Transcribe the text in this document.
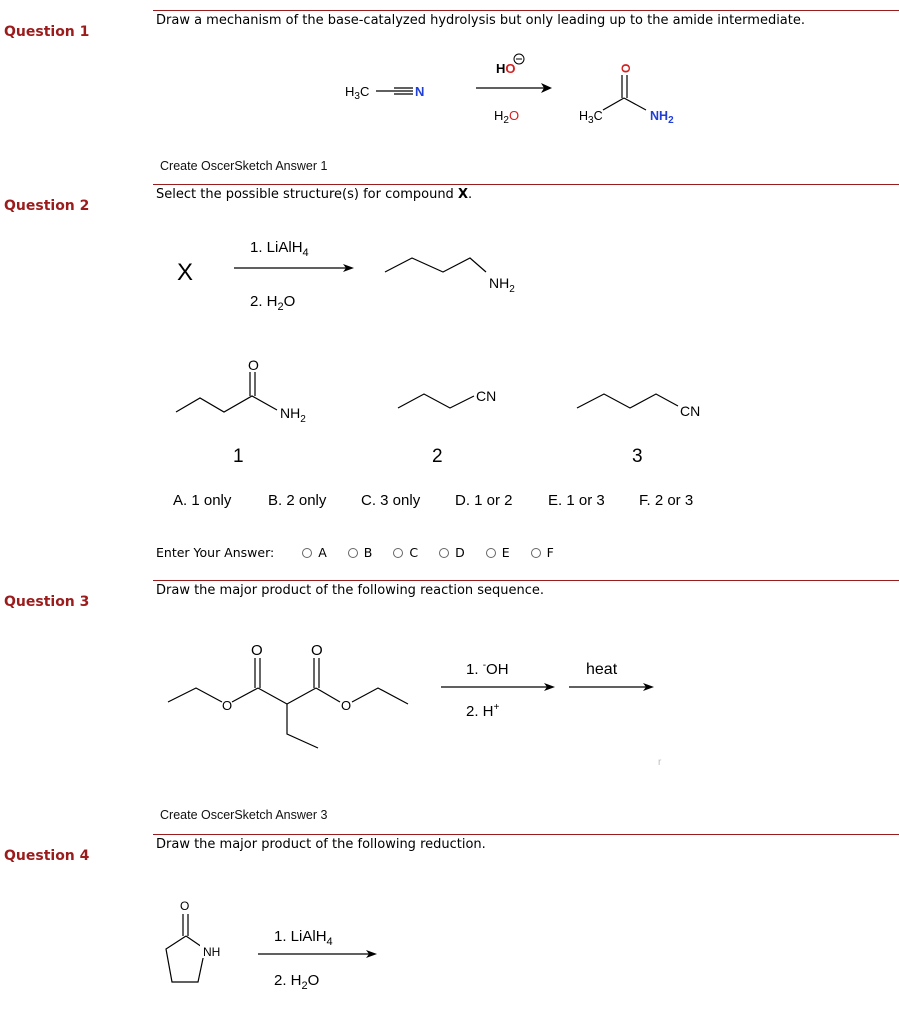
Question 1
Draw a mechanism of the base-catalyzed hydrolysis but only leading up to the amide intermediate.
$H_3C$	N
HO
$H_2O$	$H_3C$
O
$NH_2$
Create OscerSketch Answer 1
Question 2
Select the possible structure(s) for compound X.
X
1. LiAlH$_4$
2. $H_2O$
$NH_2$
O
$NH_2$
1
CN
2
CN
3
A. 1 only B. 2 only C. 3 only D. 1 or 2 E. 1 or 3 F. 2 or 3
Enter Your Answer:	A	B	C	D	E	F
Question 3
Draw the major product of the following reaction sequence.
O
O	O
O
1. -OH
2. H+
heat
r
Create OscerSketch Answer 3
Question 4
Draw the major product of the following reduction.
O
NH
1. LiAlH$_4$
2. $H_2O$
